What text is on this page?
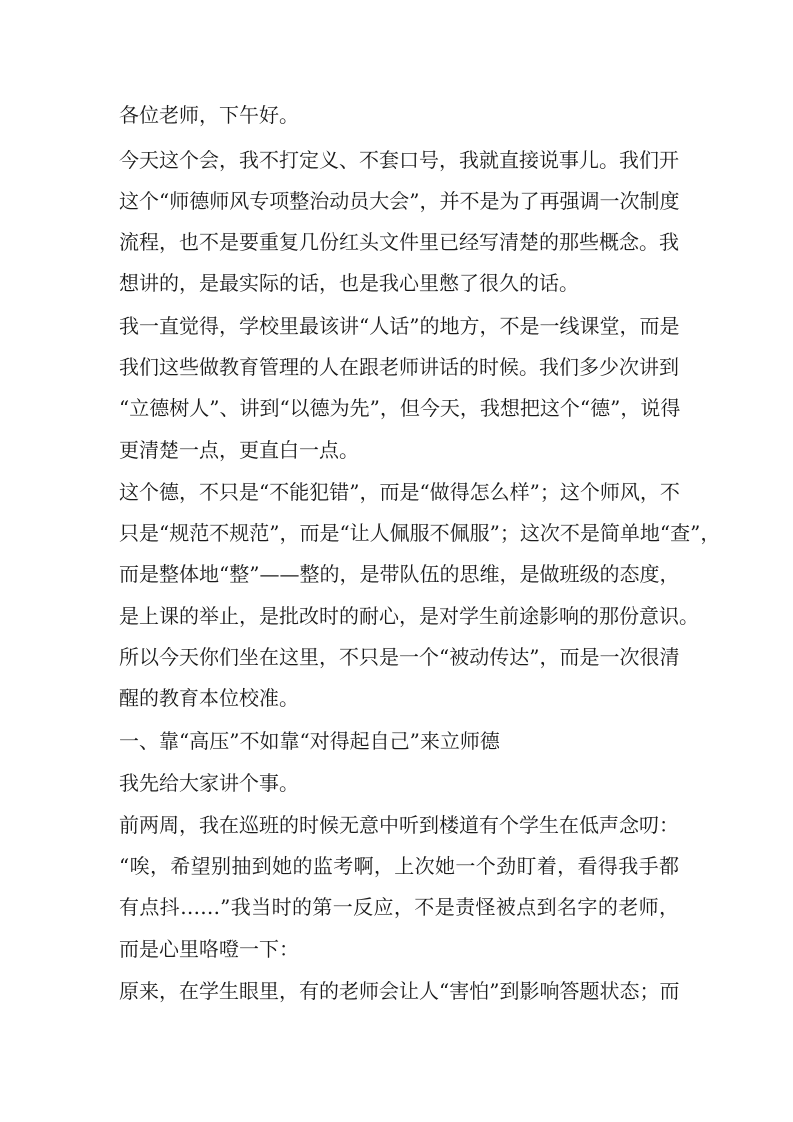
各位老师，下午好。
今天这个会，我不打定义、不套口号，我就直接说事儿。我们开
这个“师德师风专项整治动员大会”，并不是为了再强调一次制度
流程，也不是要重复几份红头文件里已经写清楚的那些概念。我
想讲的，是最实际的话，也是我心里憋了很久的话。
我一直觉得，学校里最该讲“人话”的地方，不是一线课堂，而是
我们这些做教育管理的人在跟老师讲话的时候。我们多少次讲到
“立德树人”、讲到“以德为先”，但今天，我想把这个“德”，说得
更清楚一点，更直白一点。
这个德，不只是“不能犯错”，而是“做得怎么样”；这个师风，不
只是“规范不规范”，而是“让人佩服不佩服”；这次不是简单地“查”，
而是整体地“整”——整的，是带队伍的思维，是做班级的态度，
是上课的举止，是批改时的耐心，是对学生前途影响的那份意识。
所以今天你们坐在这里，不只是一个“被动传达”，而是一次很清
醒的教育本位校准。
一、靠“高压”不如靠“对得起自己”来立师德
我先给大家讲个事。
前两周，我在巡班的时候无意中听到楼道有个学生在低声念叨：
“唉，希望别抽到她的监考啊，上次她一个劲盯着，看得我手都
有点抖……”我当时的第一反应，不是责怪被点到名字的老师，
而是心里咯噔一下：
原来，在学生眼里，有的老师会让人“害怕”到影响答题状态；而
